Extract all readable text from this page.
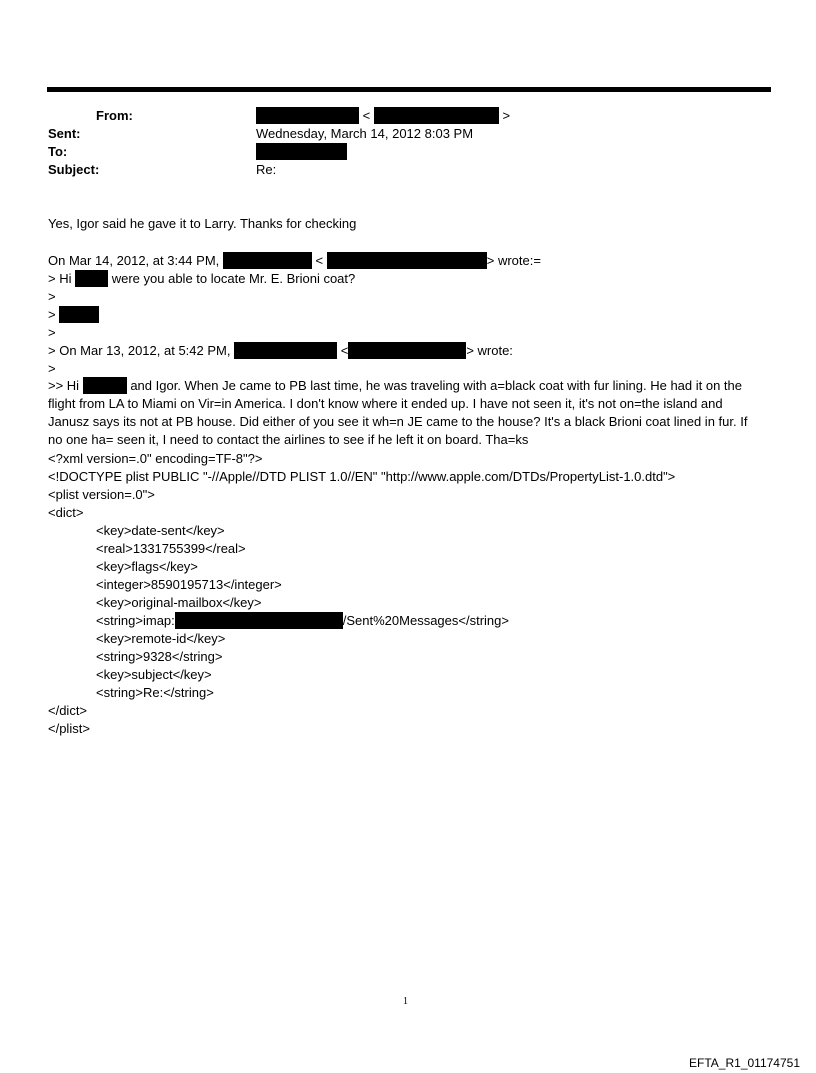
From:	<	>
Sent:	Wednesday, March 14, 2012 8:03 PM
To:
Subject:	Re:
Yes, Igor said he gave it to Larry. Thanks for checking
On Mar 14, 2012, at 3:44 PM,	<	> wrote:=
> Hi	were you able to locate Mr. E. Brioni coat?
>
>
>
> On Mar 13, 2012, at 5:42 PM,	<	> wrote:
>
>> Hi	and Igor. When Je came to PB last time, he was traveling with a=black coat with fur lining. He had it on the flight from LA to Miami on Vir=in America. I don't know where it ended up. I have not seen it, it's not on=the island and Janusz says its not at PB house. Did either of you see it wh=n JE came to the house? It's a black Brioni coat lined in fur. If no one ha= seen it, I need to contact the airlines to see if he left it on board. Tha=ks
<?xml version=.0" encoding=TF-8"?>
<!DOCTYPE plist PUBLIC "-//Apple//DTD PLIST 1.0//EN" "http://www.apple.com/DTDs/PropertyList-1.0.dtd">
<plist version=.0">
<dict>
<key>date-sent</key>
<real>1331755399</real>
<key>flags</key>
<integer>8590195713</integer>
<key>original-mailbox</key>
<string>imap:	/Sent%20Messages</string>
<key>remote-id</key>
<string>9328</string>
<key>subject</key>
<string>Re:</string>
</dict>
</plist>
1
EFTA_R1_01174751
